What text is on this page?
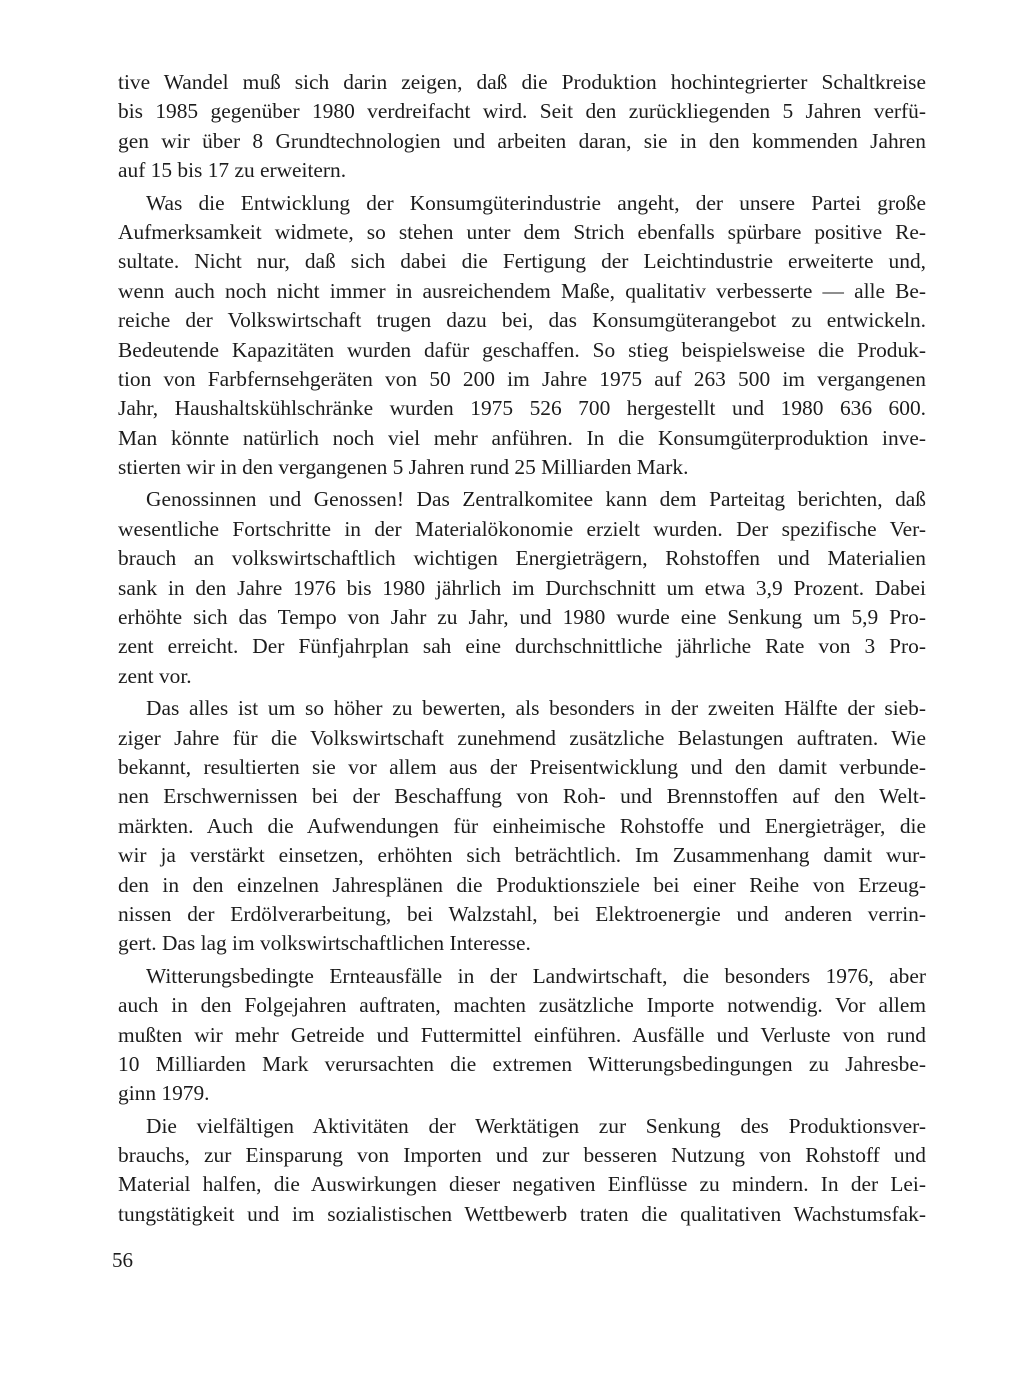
tive Wandel muß sich darin zeigen, daß die Produktion hochintegrierter Schaltkreise
bis 1985 gegenüber 1980 verdreifacht wird. Seit den zurückliegenden 5 Jahren verfü-
gen wir über 8 Grundtechnologien und arbeiten daran, sie in den kommenden Jahren
auf 15 bis 17 zu erweitern.
Was die Entwicklung der Konsumgüterindustrie angeht, der unsere Partei große
Aufmerksamkeit widmete, so stehen unter dem Strich ebenfalls spürbare positive Re-
sultate. Nicht nur, daß sich dabei die Fertigung der Leichtindustrie erweiterte und,
wenn auch noch nicht immer in ausreichendem Maße, qualitativ verbesserte — alle Be-
reiche der Volkswirtschaft trugen dazu bei, das Konsumgüterangebot zu entwickeln.
Bedeutende Kapazitäten wurden dafür geschaffen. So stieg beispielsweise die Produk-
tion von Farbfernsehgeräten von 50 200 im Jahre 1975 auf 263 500 im vergangenen
Jahr, Haushaltskühlschränke wurden 1975 526 700 hergestellt und 1980 636 600.
Man könnte natürlich noch viel mehr anführen. In die Konsumgüterproduktion inve-
stierten wir in den vergangenen 5 Jahren rund 25 Milliarden Mark.
Genossinnen und Genossen! Das Zentralkomitee kann dem Parteitag berichten, daß
wesentliche Fortschritte in der Materialökonomie erzielt wurden. Der spezifische Ver-
brauch an volkswirtschaftlich wichtigen Energieträgern, Rohstoffen und Materialien
sank in den Jahre 1976 bis 1980 jährlich im Durchschnitt um etwa 3,9 Prozent. Dabei
erhöhte sich das Tempo von Jahr zu Jahr, und 1980 wurde eine Senkung um 5,9 Pro-
zent erreicht. Der Fünfjahrplan sah eine durchschnittliche jährliche Rate von 3 Pro-
zent vor.
Das alles ist um so höher zu bewerten, als besonders in der zweiten Hälfte der sieb-
ziger Jahre für die Volkswirtschaft zunehmend zusätzliche Belastungen auftraten. Wie
bekannt, resultierten sie vor allem aus der Preisentwicklung und den damit verbunde-
nen Erschwernissen bei der Beschaffung von Roh- und Brennstoffen auf den Welt-
märkten. Auch die Aufwendungen für einheimische Rohstoffe und Energieträger, die
wir ja verstärkt einsetzen, erhöhten sich beträchtlich. Im Zusammenhang damit wur-
den in den einzelnen Jahresplänen die Produktionsziele bei einer Reihe von Erzeug-
nissen der Erdölverarbeitung, bei Walzstahl, bei Elektroenergie und anderen verrin-
gert. Das lag im volkswirtschaftlichen Interesse.
Witterungsbedingte Ernteausfälle in der Landwirtschaft, die besonders 1976, aber
auch in den Folgejahren auftraten, machten zusätzliche Importe notwendig. Vor allem
mußten wir mehr Getreide und Futtermittel einführen. Ausfälle und Verluste von rund
10 Milliarden Mark verursachten die extremen Witterungsbedingungen zu Jahresbe-
ginn 1979.
Die vielfältigen Aktivitäten der Werktätigen zur Senkung des Produktionsver-
brauchs, zur Einsparung von Importen und zur besseren Nutzung von Rohstoff und
Material halfen, die Auswirkungen dieser negativen Einflüsse zu mindern. In der Lei-
tungstätigkeit und im sozialistischen Wettbewerb traten die qualitativen Wachstumsfak-
56
